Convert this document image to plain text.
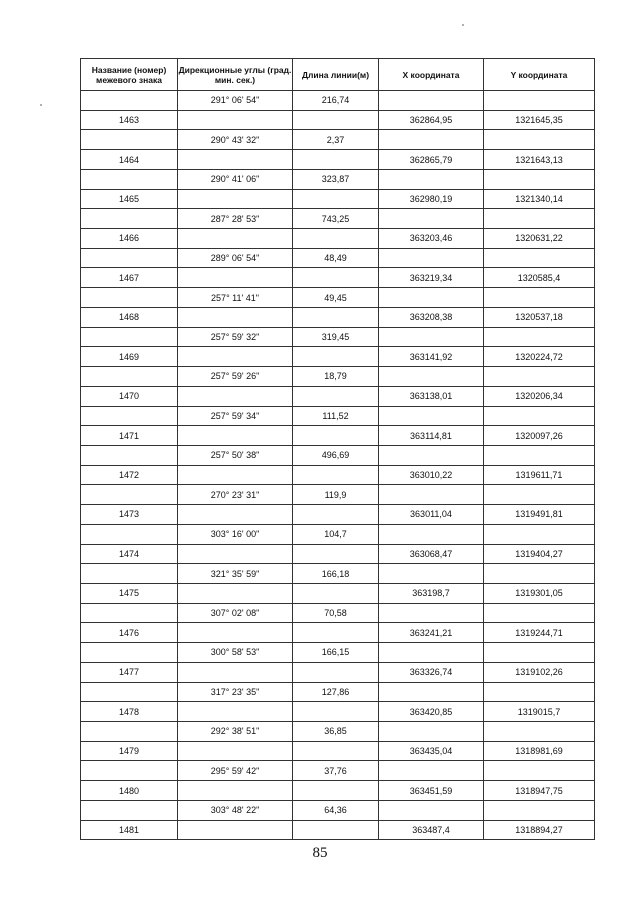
Название (номер) межевого знака	Дирекционные углы (град. мин. сек.)	Длина линии(м)	X координата	Y координата
	291° 06' 54"	216,74		
1463			362864,95	1321645,35
	290° 43' 32"	2,37		
1464			362865,79	1321643,13
	290° 41' 06"	323,87		
1465			362980,19	1321340,14
	287° 28' 53"	743,25		
1466			363203,46	1320631,22
	289° 06' 54"	48,49		
1467			363219,34	1320585,4
	257° 11' 41"	49,45		
1468			363208,38	1320537,18
	257° 59' 32"	319,45		
1469			363141,92	1320224,72
	257° 59' 26"	18,79		
1470			363138,01	1320206,34
	257° 59' 34"	111,52		
1471			363114,81	1320097,26
	257° 50' 38"	496,69		
1472			363010,22	1319611,71
	270° 23' 31"	119,9		
1473			363011,04	1319491,81
	303° 16' 00"	104,7		
1474			363068,47	1319404,27
	321° 35' 59"	166,18		
1475			363198,7	1319301,05
	307° 02' 08"	70,58		
1476			363241,21	1319244,71
	300° 58' 53"	166,15		
1477			363326,74	1319102,26
	317° 23' 35"	127,86		
1478			363420,85	1319015,7
	292° 38' 51"	36,85		
1479			363435,04	1318981,69
	295° 59' 42"	37,76		
1480			363451,59	1318947,75
	303° 48' 22"	64,36		
1481			363487,4	1318894,27
85
